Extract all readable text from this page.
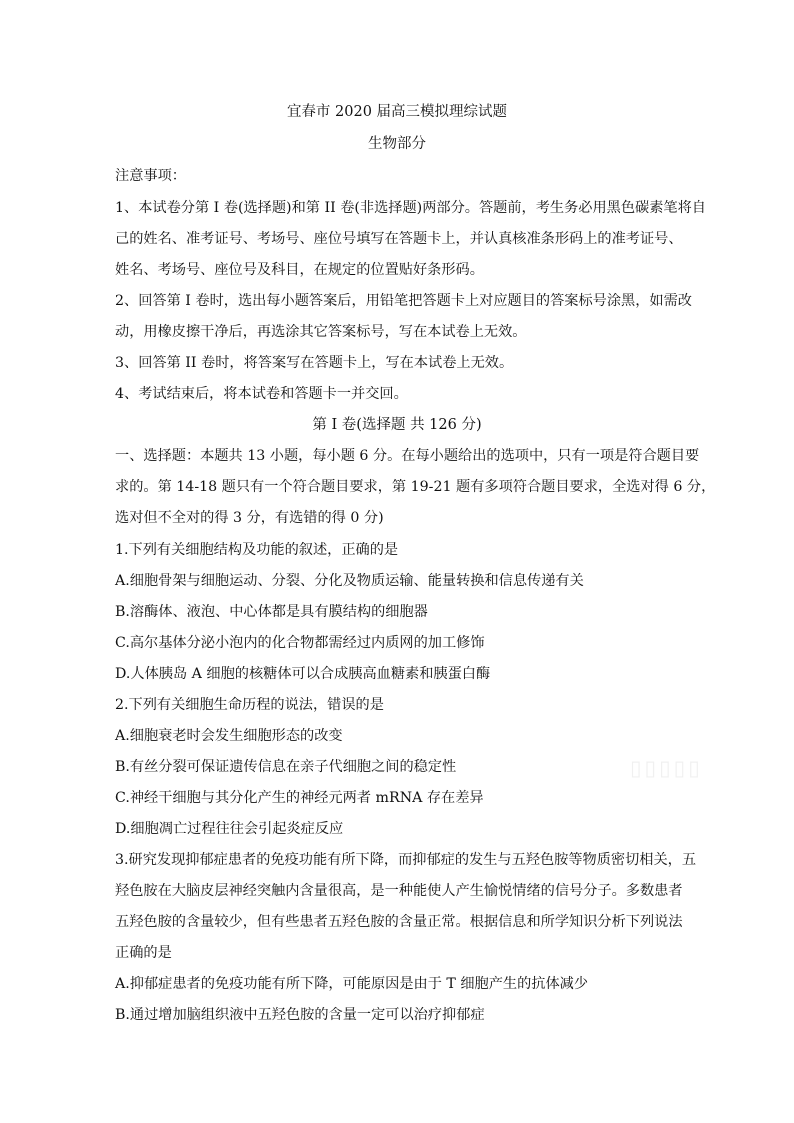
宜春市 2020 届高三模拟理综试题
生物部分
注意事项：
1、本试卷分第 I 卷(选择题)和第 II 卷(非选择题)两部分。答题前，考生务必用黑色碳素笔将自
己的姓名、准考证号、考场号、座位号填写在答题卡上，并认真核准条形码上的准考证号、
姓名、考场号、座位号及科目，在规定的位置贴好条形码。
2、回答第 I 卷时，选出每小题答案后，用铅笔把答题卡上对应题目的答案标号涂黑，如需改
动，用橡皮擦干净后，再选涂其它答案标号，写在本试卷上无效。
3、回答第 II 卷时，将答案写在答题卡上，写在本试卷上无效。
4、考试结束后，将本试卷和答题卡一并交回。
第 I 卷(选择题 共 126 分)
一、选择题：本题共 13 小题，每小题 6 分。在每小题给出的选项中，只有一项是符合题目要
求的。第 14-18 题只有一个符合题目要求，第 19-21 题有多项符合题目要求，全选对得 6 分，
选对但不全对的得 3 分，有选错的得 0 分)
1.下列有关细胞结构及功能的叙述，正确的是
A.细胞骨架与细胞运动、分裂、分化及物质运输、能量转换和信息传递有关
B.溶酶体、液泡、中心体都是具有膜结构的细胞器
C.高尔基体分泌小泡内的化合物都需经过内质网的加工修饰
D.人体胰岛 A 细胞的核糖体可以合成胰高血糖素和胰蛋白酶
2.下列有关细胞生命历程的说法，错误的是
A.细胞衰老时会发生细胞形态的改变
B.有丝分裂可保证遗传信息在亲子代细胞之间的稳定性
C.神经干细胞与其分化产生的神经元两者 mRNA 存在差异
D.细胞凋亡过程往往会引起炎症反应
3.研究发现抑郁症患者的免疫功能有所下降，而抑郁症的发生与五羟色胺等物质密切相关，五
羟色胺在大脑皮层神经突触内含量很高，是一种能使人产生愉悦情绪的信号分子。多数患者
五羟色胺的含量较少，但有些患者五羟色胺的含量正常。根据信息和所学知识分析下列说法
正确的是
A.抑郁症患者的免疫功能有所下降，可能原因是由于 T 细胞产生的抗体减少
B.通过增加脑组织液中五羟色胺的含量一定可以治疗抑郁症
▯▯▯▯▯
